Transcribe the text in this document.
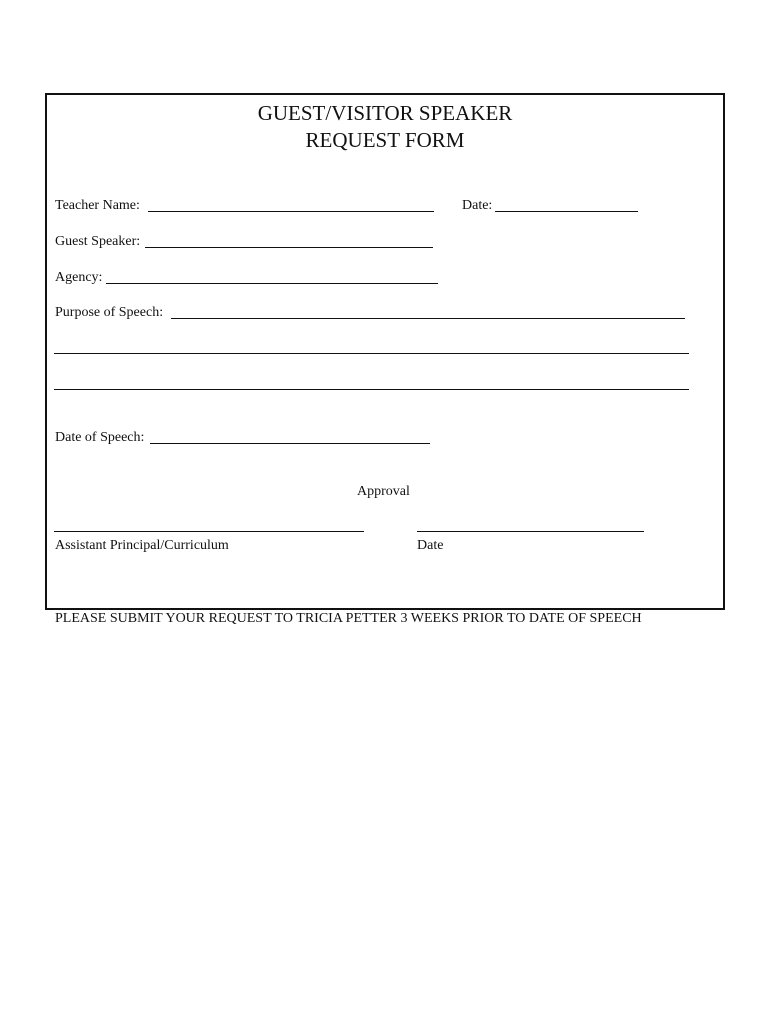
GUEST/VISITOR SPEAKER
REQUEST FORM
Teacher Name:	Date:
Guest Speaker:
Agency:
Purpose of Speech:
Date of Speech:
Approval
Assistant Principal/Curriculum	Date
PLEASE SUBMIT YOUR REQUEST TO TRICIA PETTER 3 WEEKS PRIOR TO DATE OF SPEECH
